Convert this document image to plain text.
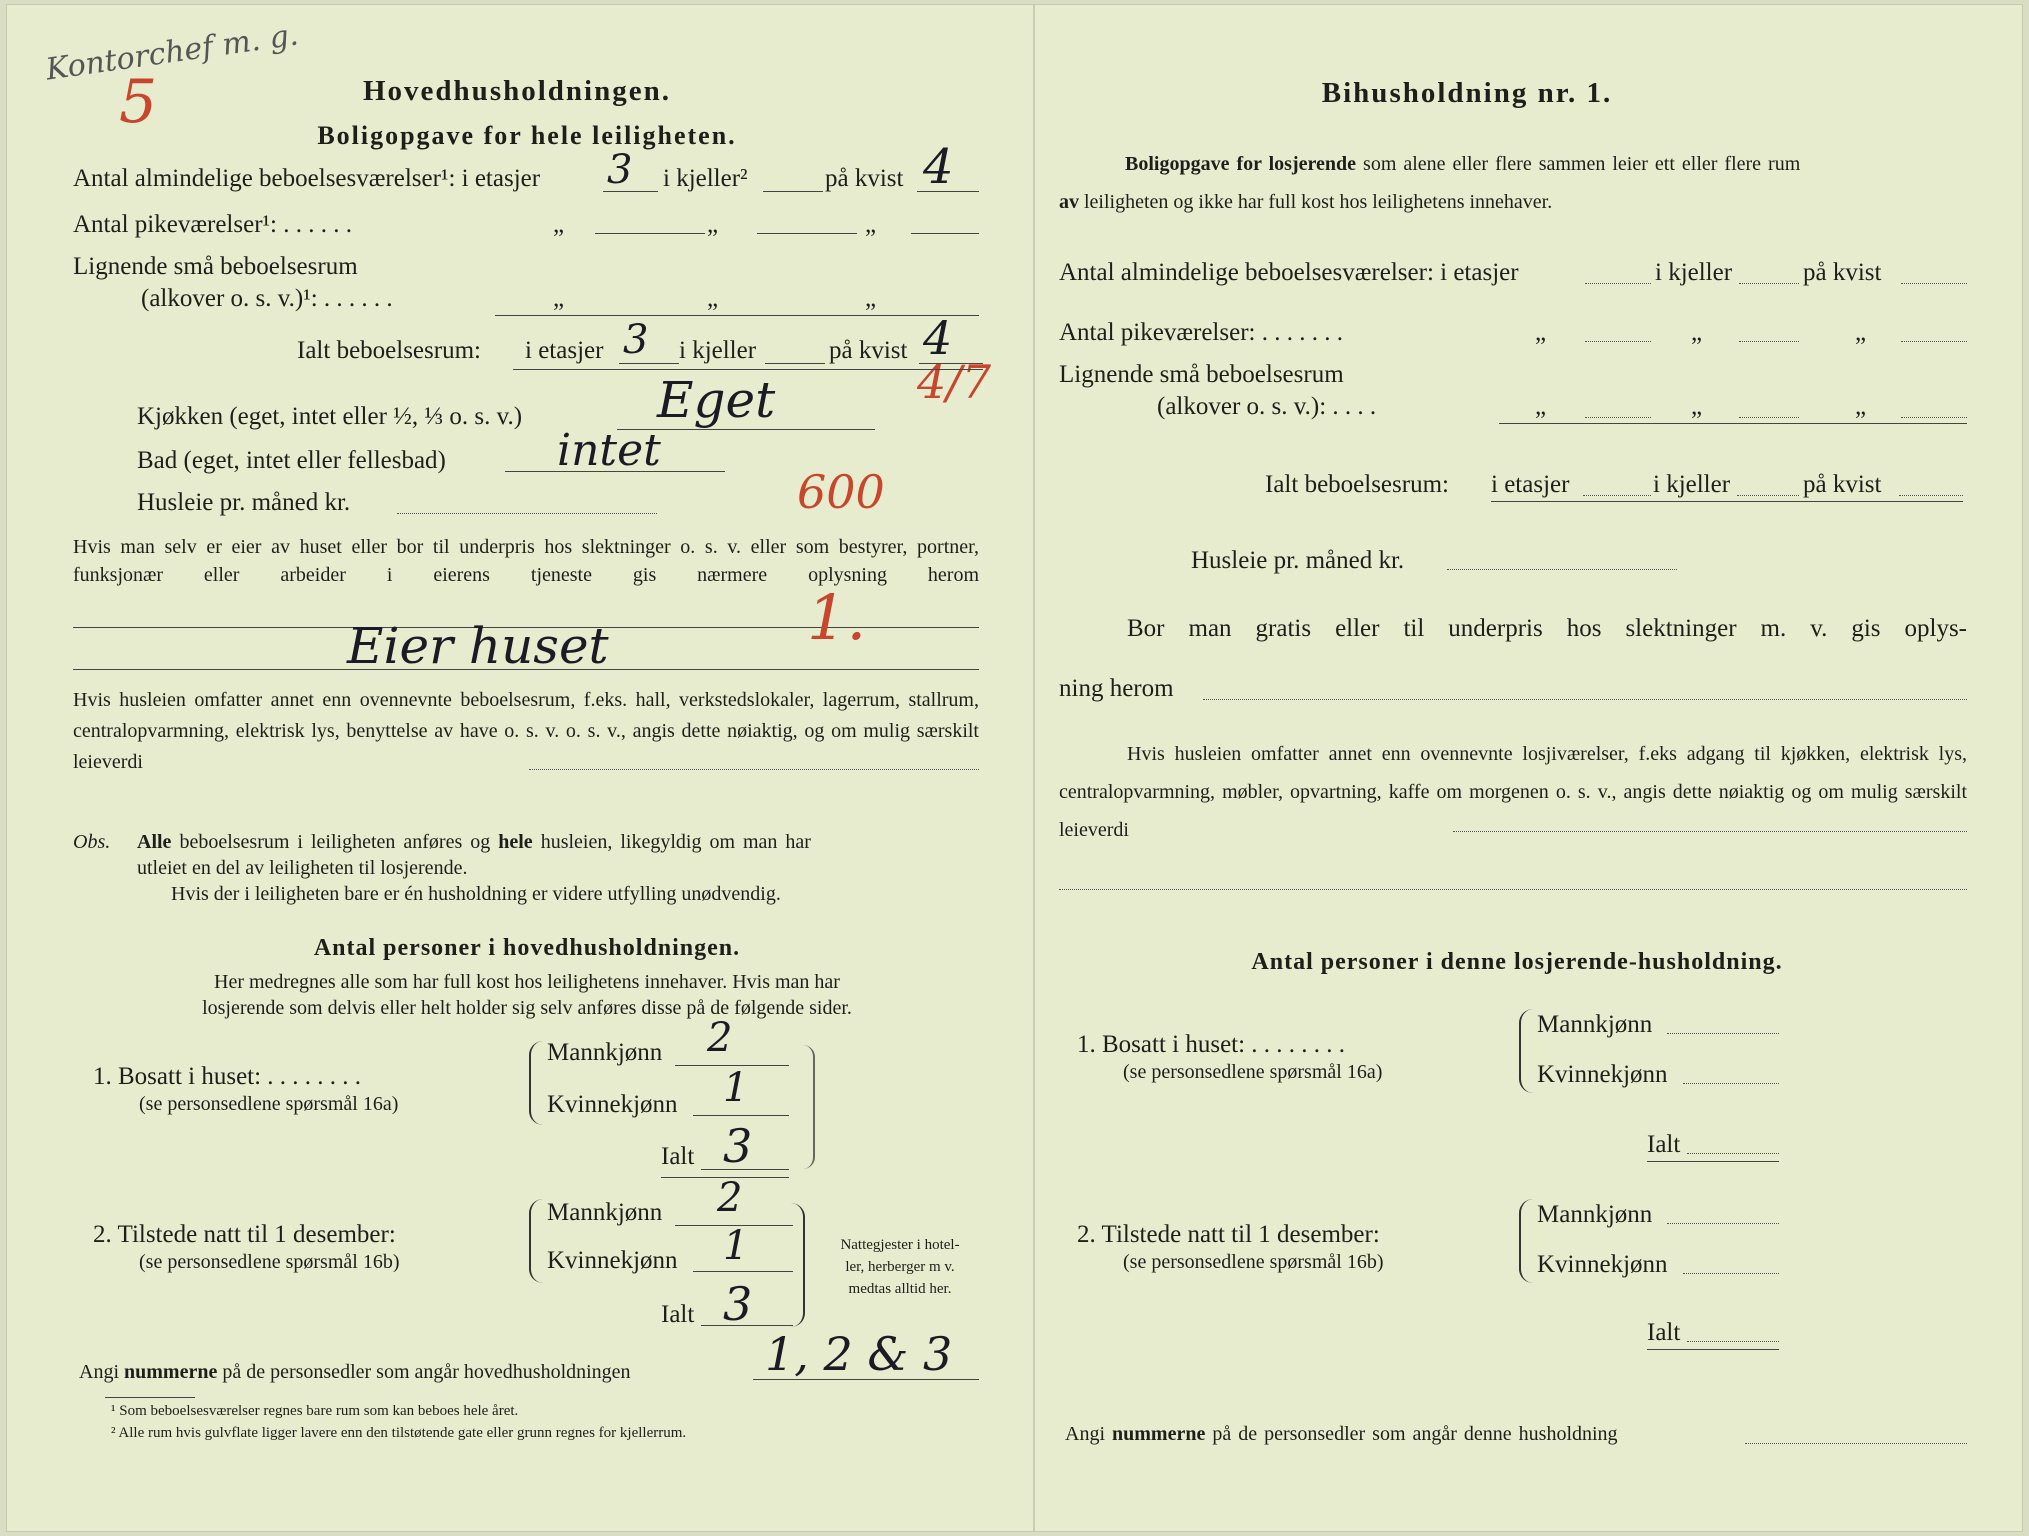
Kontorchef m. g.
5	Hovedhusholdningen.
Boligopgave for hele leiligheten.
Antal almindelige beboelsesværelser¹: i etasjer 3 i kjeller²	på kvist 4
Antal pikeværelser¹: . . . . . .	„	„	„
Lignende små beboelsesrum
(alkover o. s. v.)¹: . . . . . .	„	„	„
Ialt beboelsesrum: i etasjer 3 i kjeller	på kvist 4
4/7
Kjøkken (eget, intet eller ½, ⅓ o. s. v.)	Eget
Bad (eget, intet eller fellesbad)	intet
Husleie pr. måned kr.	600
Hvis man selv er eier av huset eller bor til underpris hos slektninger o. s. v. eller som bestyrer, portner, funksjonær eller arbeider i eierens tjeneste gis nærmere oplysning herom
Eier huset	1.
Hvis husleien omfatter annet enn ovennevnte beboelsesrum, f.eks. hall, verkstedslokaler, lagerrum, stallrum, centralopvarmning, elektrisk lys, benyttelse av have o. s. v. o. s. v., angis dette nøiaktig, og om mulig særskilt leieverdi
Obs. Alle beboelsesrum i leiligheten anføres og hele husleien, likegyldig om man har
utleiet en del av leiligheten til losjerende.
Hvis der i leiligheten bare er én husholdning er videre utfylling unødvendig.
Antal personer i hovedhusholdningen.
Her medregnes alle som har full kost hos leilighetens innehaver. Hvis man har
losjerende som delvis eller helt holder sig selv anføres disse på de følgende sider.
1. Bosatt i huset: . . . . . . . .
(se personsedlene spørsmål 16a)
Mannkjønn 2
Kvinnekjønn 1
Ialt 3
2. Tilstede natt til 1 desember:
(se personsedlene spørsmål 16b)
Mannkjønn 2
Kvinnekjønn 1
Ialt 3
Nattegjester i hotel-
ler, herberger m v.
medtas alltid her.
Angi nummerne på de personsedler som angår hovedhusholdningen	1, 2 & 3
¹ Som beboelsesværelser regnes bare rum som kan beboes hele året.
² Alle rum hvis gulvflate ligger lavere enn den tilstøtende gate eller grunn regnes for kjellerrum.
Bihusholdning nr. 1.
Boligopgave for losjerende som alene eller flere sammen leier ett eller flere rum
av leiligheten og ikke har full kost hos leilighetens innehaver.
Antal almindelige beboelsesværelser: i etasjer	i kjeller	på kvist
Antal pikeværelser: . . . . . . .	„	„	„
Lignende små beboelsesrum
(alkover o. s. v.): . . . .	„	„	„
Ialt beboelsesrum: i etasjer	i kjeller	på kvist
Husleie pr. måned kr.
Bor man gratis eller til underpris hos slektninger m. v. gis oplys-
ning herom
Hvis husleien omfatter annet enn ovennevnte losjiværelser, f.eks adgang til kjøkken, elektrisk lys, centralopvarmning, møbler, opvartning, kaffe om morgenen o. s. v., angis dette nøiaktig og om mulig særskilt leieverdi
Antal personer i denne losjerende-husholdning.
1. Bosatt i huset: . . . . . . . .
(se personsedlene spørsmål 16a)
Mannkjønn
Kvinnekjønn
Ialt
2. Tilstede natt til 1 desember:
(se personsedlene spørsmål 16b)
Mannkjønn
Kvinnekjønn
Ialt
Angi nummerne på de personsedler som angår denne husholdning
